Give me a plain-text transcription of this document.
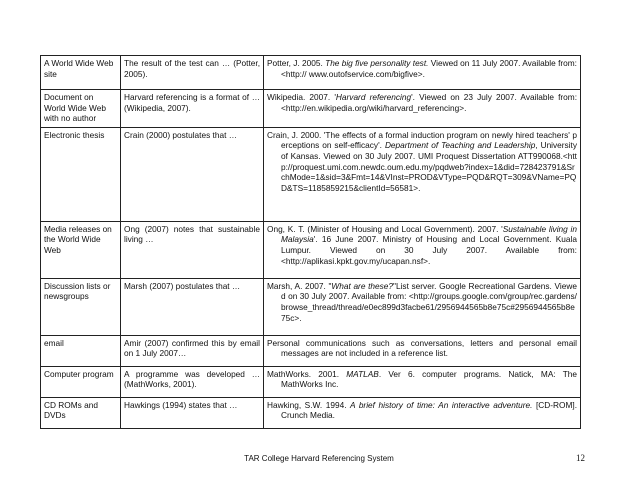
A World Wide Web site	The result of the test can … (Potter, 2005).	Potter, J. 2005. The big five personality test. Viewed on 11 July 2007. Available from: <http:// www.outofservice.com/bigfive>.

Document on World Wide Web with no author	Harvard referencing is a format of … (Wikipedia, 2007).	Wikipedia. 2007. 'Harvard referencing'. Viewed on 23 July 2007. Available from: <http://en.wikipedia.org/wiki/harvard_referencing>.

Electronic thesis	Crain (2000) postulates that …	Crain, J. 2000. 'The effects of a formal induction program on newly hired teachers' perceptions on self-efficacy'. Department of Teaching and Leadership, University of Kansas. Viewed on 30 July 2007. UMI Proquest Dissertation ATT990068.<http://proquest.umi.com.newdc.oum.edu.my/pqdweb?index=1&did=728423791&SrchMode=1&sid=3&Fmt=14&VInst=PROD&VType=PQD&RQT=309&VName=PQD&TS=1185859215&clientId=56581>.

Media releases on the World Wide Web	Ong (2007) notes that sustainable living …	Ong, K. T. (Minister of Housing and Local Government). 2007. 'Sustainable living in Malaysia'. 16 June 2007. Ministry of Housing and Local Government. Kuala Lumpur. Viewed on 30 July 2007. Available from: <http://aplikasi.kpkt.gov.my/ucapan.nsf>.

Discussion lists or newsgroups	Marsh (2007) postulates that …	Marsh, A. 2007. "What are these?"List server. Google Recreational Gardens. Viewed on 30 July 2007. Available from: <http://groups.google.com/group/rec.gardens/browse_thread/thread/e0ec899d3facbe61/2956944565b8e75c#2956944565b8e75c>.

email	Amir (2007) confirmed this by email on 1 July 2007…	Personal communications such as conversations, letters and personal email messages are not included in a reference list.

Computer program	A programme was developed … (MathWorks, 2001).	MathWorks. 2001. MATLAB. Ver 6. computer programs. Natick, MA: The MathWorks Inc.

CD ROMs and DVDs	Hawkings (1994) states that …	Hawking, S.W. 1994. A brief history of time: An interactive adventure. [CD-ROM]. Crunch Media.
TAR College Harvard Referencing System	12
